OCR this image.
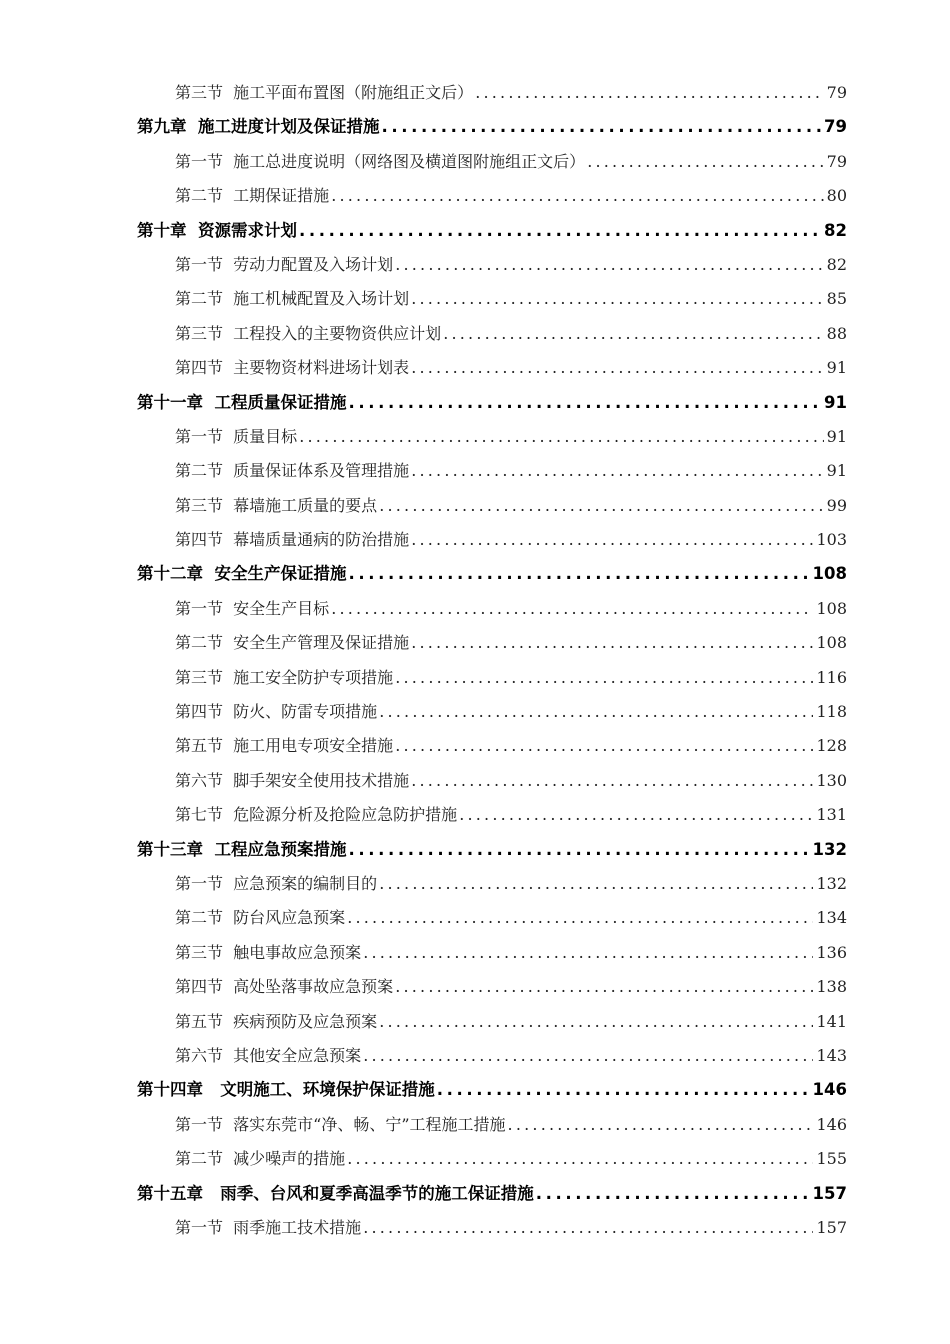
第三节  施工平面布置图（附施组正文后） .....	79
第九章  施工进度计划及保证措施 .....	79
第一节  施工总进度说明（网络图及横道图附施组正文后） .....	79
第二节  工期保证措施 .....	80
第十章  资源需求计划 .....	82
第一节  劳动力配置及入场计划 .....	82
第二节  施工机械配置及入场计划 .....	85
第三节  工程投入的主要物资供应计划 .....	88
第四节  主要物资材料进场计划表 .....	91
第十一章  工程质量保证措施 .....	91
第一节  质量目标 .....	91
第二节  质量保证体系及管理措施 .....	91
第三节  幕墙施工质量的要点 .....	99
第四节  幕墙质量通病的防治措施 .....	103
第十二章  安全生产保证措施 .....	108
第一节  安全生产目标 .....	108
第二节  安全生产管理及保证措施 .....	108
第三节  施工安全防护专项措施 .....	116
第四节  防火、防雷专项措施 .....	118
第五节  施工用电专项安全措施 .....	128
第六节  脚手架安全使用技术措施 .....	130
第七节  危险源分析及抢险应急防护措施 .....	131
第十三章  工程应急预案措施 .....	132
第一节  应急预案的编制目的 .....	132
第二节  防台风应急预案 .....	134
第三节  触电事故应急预案 .....	136
第四节  高处坠落事故应急预案 .....	138
第五节  疾病预防及应急预案 .....	141
第六节  其他安全应急预案 .....	143
第十四章   文明施工、环境保护保证措施 .....	146
第一节  落实东莞市“净、畅、宁”工程施工措施 .....	146
第二节  减少噪声的措施 .....	155
第十五章   雨季、台风和夏季高温季节的施工保证措施 .....	157
第一节  雨季施工技术措施 .....	157
